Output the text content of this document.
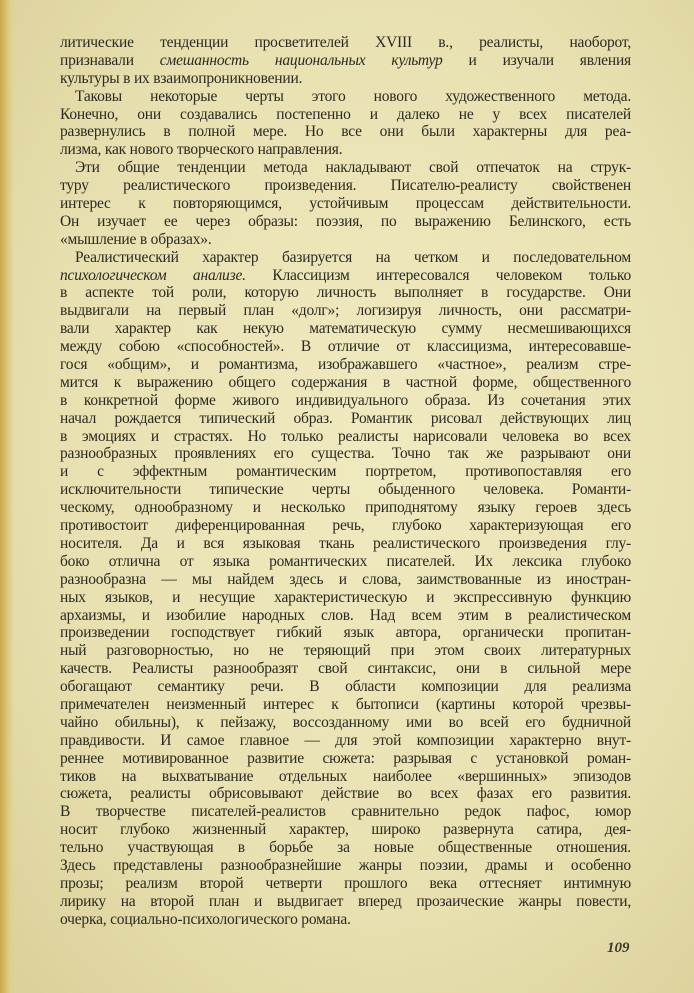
литические тенденции просветителей XVIII в., реалисты, наоборот,
признавали смешанность национальных культур и изучали явления
культуры в их взаимопроникновении.
Таковы некоторые черты этого нового художественного метода.
Конечно, они создавались постепенно и далеко не у всех писателей
развернулись в полной мере. Но все они были характерны для реа-
лизма, как нового творческого направления.
Эти общие тенденции метода накладывают свой отпечаток на струк-
туру реалистического произведения. Писателю-реалисту свойственен
интерес к повторяющимся, устойчивым процессам действительности.
Он изучает ее через образы: поэзия, по выражению Белинского, есть
«мышление в образах».
Реалистический характер базируется на четком и последовательном
психологическом анализе. Классицизм интересовался человеком только
в аспекте той роли, которую личность выполняет в государстве. Они
выдвигали на первый план «долг»; логизируя личность, они рассматри-
вали характер как некую математическую сумму несмешивающихся
между собою «способностей». В отличие от классицизма, интересовавше-
гося «общим», и романтизма, изображавшего «частное», реализм стре-
мится к выражению общего содержания в частной форме, общественного
в конкретной форме живого индивидуального образа. Из сочетания этих
начал рождается типический образ. Романтик рисовал действующих лиц
в эмоциях и страстях. Но только реалисты нарисовали человека во всех
разнообразных проявлениях его существа. Точно так же разрывают они
и с эффектным романтическим портретом, противопоставляя его
исключительности типические черты обыденного человека. Романти-
ческому, однообразному и несколько приподнятому языку героев здесь
противостоит диференцированная речь, глубоко характеризующая его
носителя. Да и вся языковая ткань реалистического произведения глу-
боко отлична от языка романтических писателей. Их лексика глубоко
разнообразна — мы найдем здесь и слова, заимствованные из иностран-
ных языков, и несущие характеристическую и экспрессивную функцию
архаизмы, и изобилие народных слов. Над всем этим в реалистическом
произведении господствует гибкий язык автора, органически пропитан-
ный разговорностью, но не теряющий при этом своих литературных
качеств. Реалисты разнообразят свой синтаксис, они в сильной мере
обогащают семантику речи. В области композиции для реализма
примечателен неизменный интерес к бытописи (картины которой чрезвы-
чайно обильны), к пейзажу, воссозданному ими во всей его будничной
правдивости. И самое главное — для этой композиции характерно внут-
реннее мотивированное развитие сюжета: разрывая с установкой роман-
тиков на выхватывание отдельных наиболее «вершинных» эпизодов
сюжета, реалисты обрисовывают действие во всех фазах его развития.
В творчестве писателей-реалистов сравнительно редок пафос, юмор
носит глубоко жизненный характер, широко развернута сатира, дея-
тельно участвующая в борьбе за новые общественные отношения.
Здесь представлены разнообразнейшие жанры поэзии, драмы и особенно
прозы; реализм второй четверти прошлого века оттесняет интимную
лирику на второй план и выдвигает вперед прозаические жанры повести,
очерка, социально-психологического романа.
109
